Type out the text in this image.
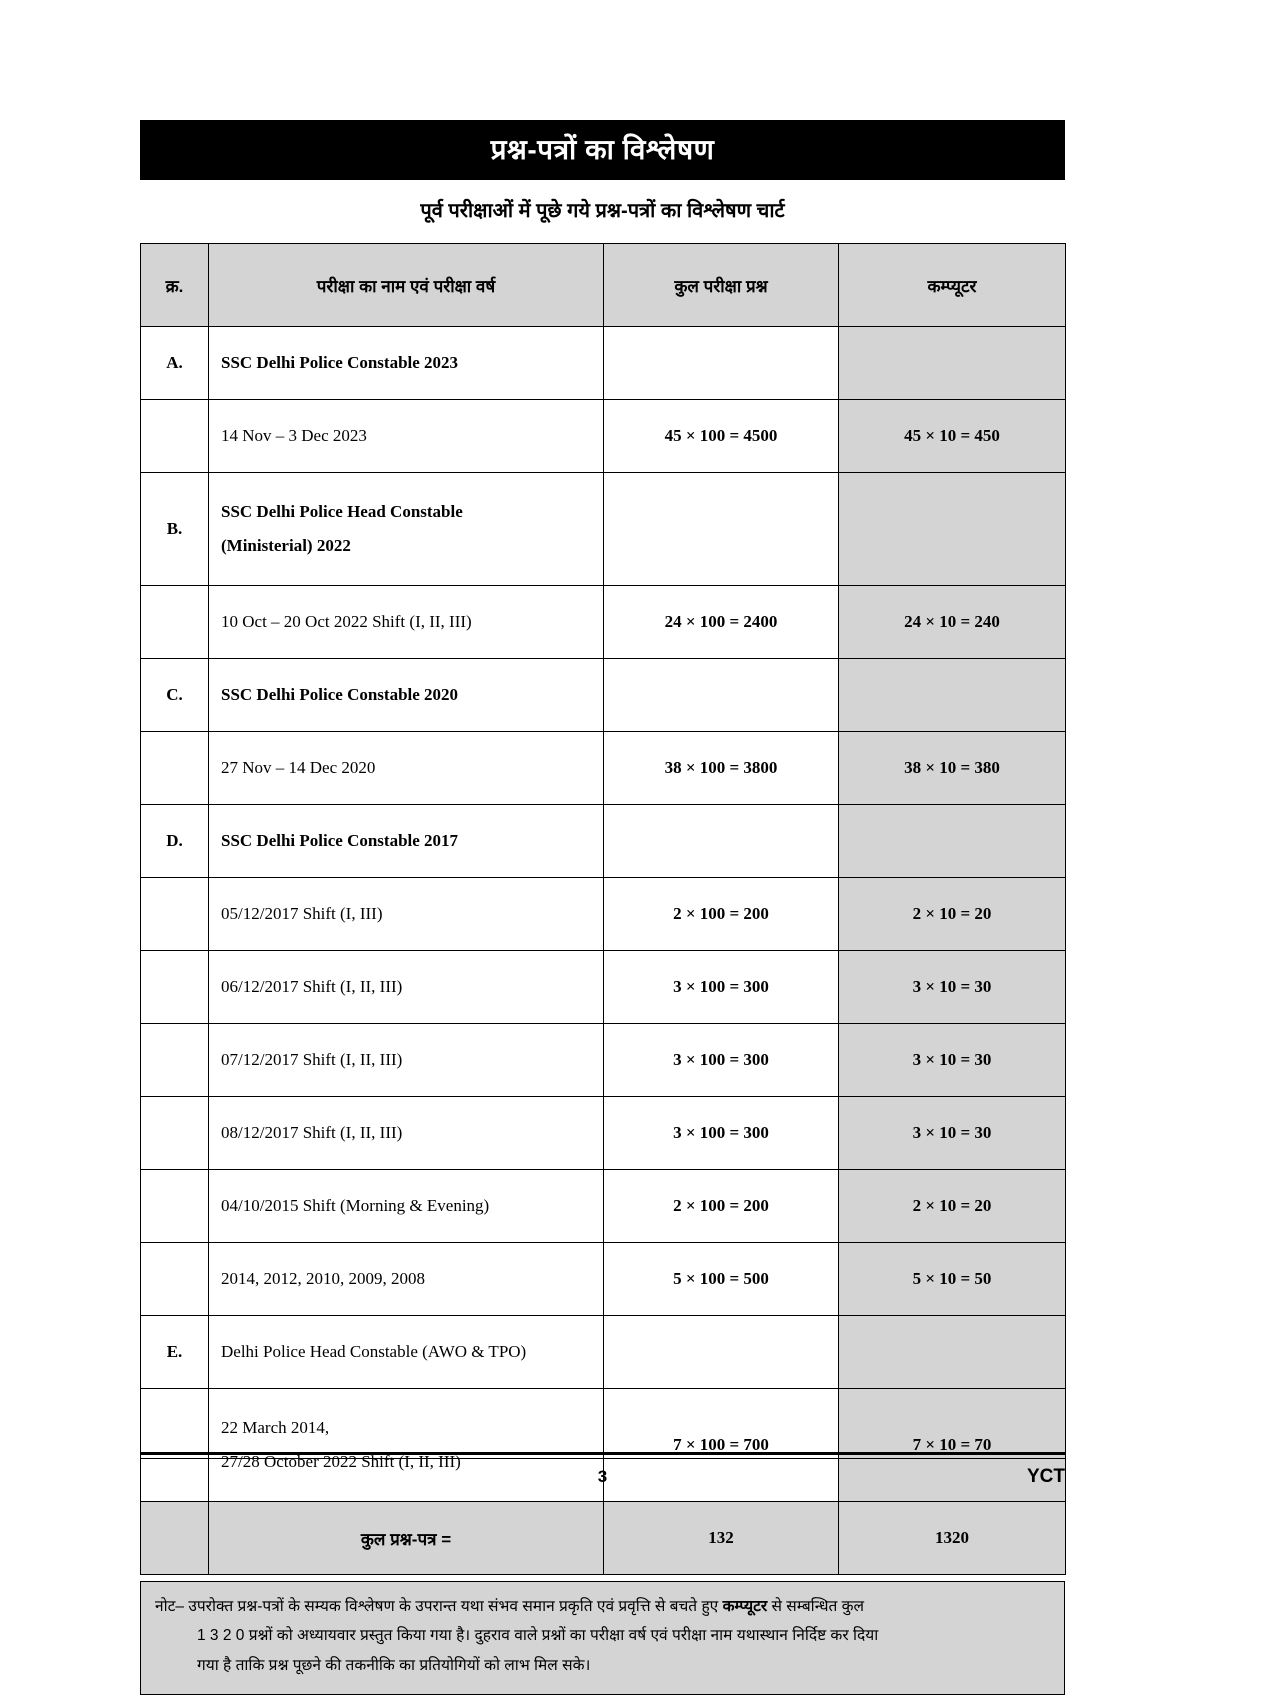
प्रश्न-पत्रों का विश्लेषण
पूर्व परीक्षाओं में पूछे गये प्रश्न-पत्रों का विश्लेषण चार्ट
क्र.	परीक्षा का नाम एवं परीक्षा वर्ष	कुल परीक्षा प्रश्न	कम्प्यूटर
A.	SSC Delhi Police Constable 2023		
	14 Nov – 3 Dec 2023	45 × 100 = 4500	45 × 10 = 450
B.	SSC Delhi Police Head Constable
(Ministerial) 2022		

	10 Oct – 20 Oct 2022 Shift (I, II, III)	24 × 100 = 2400	24 × 10 = 240
C.	SSC Delhi Police Constable 2020		
	27 Nov – 14 Dec 2020	38 × 100 = 3800	38 × 10 = 380
D.	SSC Delhi Police Constable 2017		
	05/12/2017 Shift (I, III)	2 × 100 = 200	2 × 10 = 20
	06/12/2017 Shift (I, II, III)	3 × 100 = 300	3 × 10 = 30
	07/12/2017 Shift (I, II, III)	3 × 100 = 300	3 × 10 = 30
	08/12/2017 Shift (I, II, III)	3 × 100 = 300	3 × 10 = 30
	04/10/2015 Shift (Morning & Evening)	2 × 100 = 200	2 × 10 = 20
	2014, 2012, 2010, 2009, 2008	5 × 100 = 500	5 × 10 = 50
E.	Delhi Police Head Constable (AWO & TPO)		

	22 March 2014,
27/28 October 2022 Shift (I, II, III)	7 × 100 = 700	7 × 10 = 70
	कुल प्रश्न-पत्र =	132	1320
नोट– उपरोक्त प्रश्न-पत्रों के सम्यक विश्लेषण के उपरान्त यथा संभव समान प्रकृति एवं प्रवृत्ति से बचते हुए कम्प्यूटर से सम्बन्धित कुल
1 3 2 0 प्रश्नों को अध्यायवार प्रस्तुत किया गया है। दुहराव वाले प्रश्नों का परीक्षा वर्ष एवं परीक्षा नाम यथास्थान निर्दिष्ट कर दिया
गया है ताकि प्रश्न पूछने की तकनीकि का प्रतियोगियों को लाभ मिल सके।
3	YCT
